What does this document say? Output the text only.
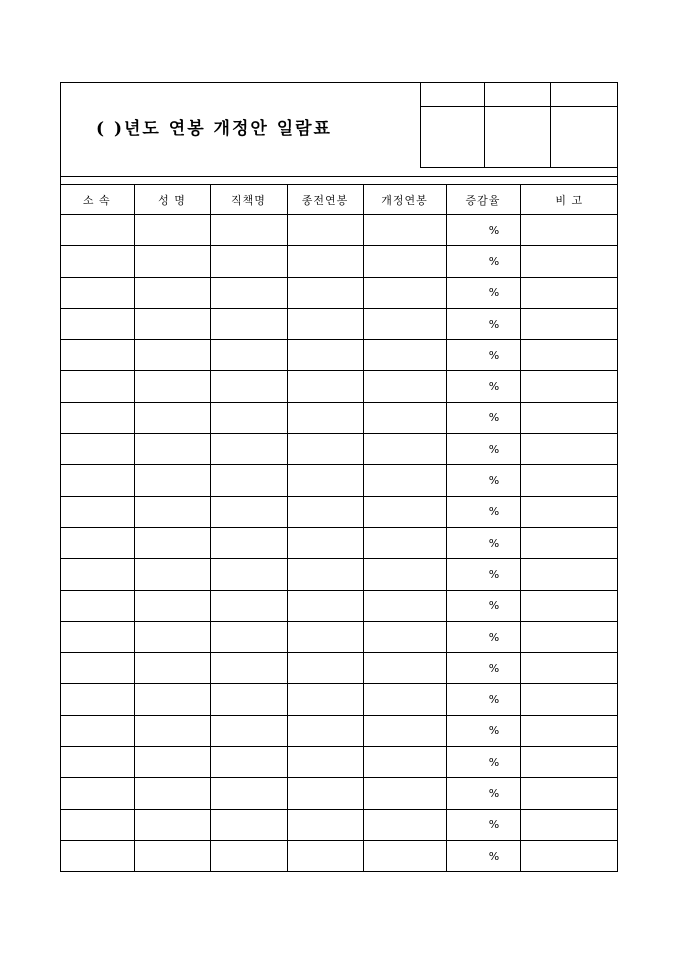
( )년도 연봉 개정안 일람표

소 속	성 명	직책명	종전연봉	개정연봉	증감율	비 고
					%	
					%	
					%	
					%	
					%	
					%	
					%	
					%	
					%	
					%	
					%	
					%	
					%	
					%	
					%	
					%	
					%	
					%	
					%	
					%	
					%	
